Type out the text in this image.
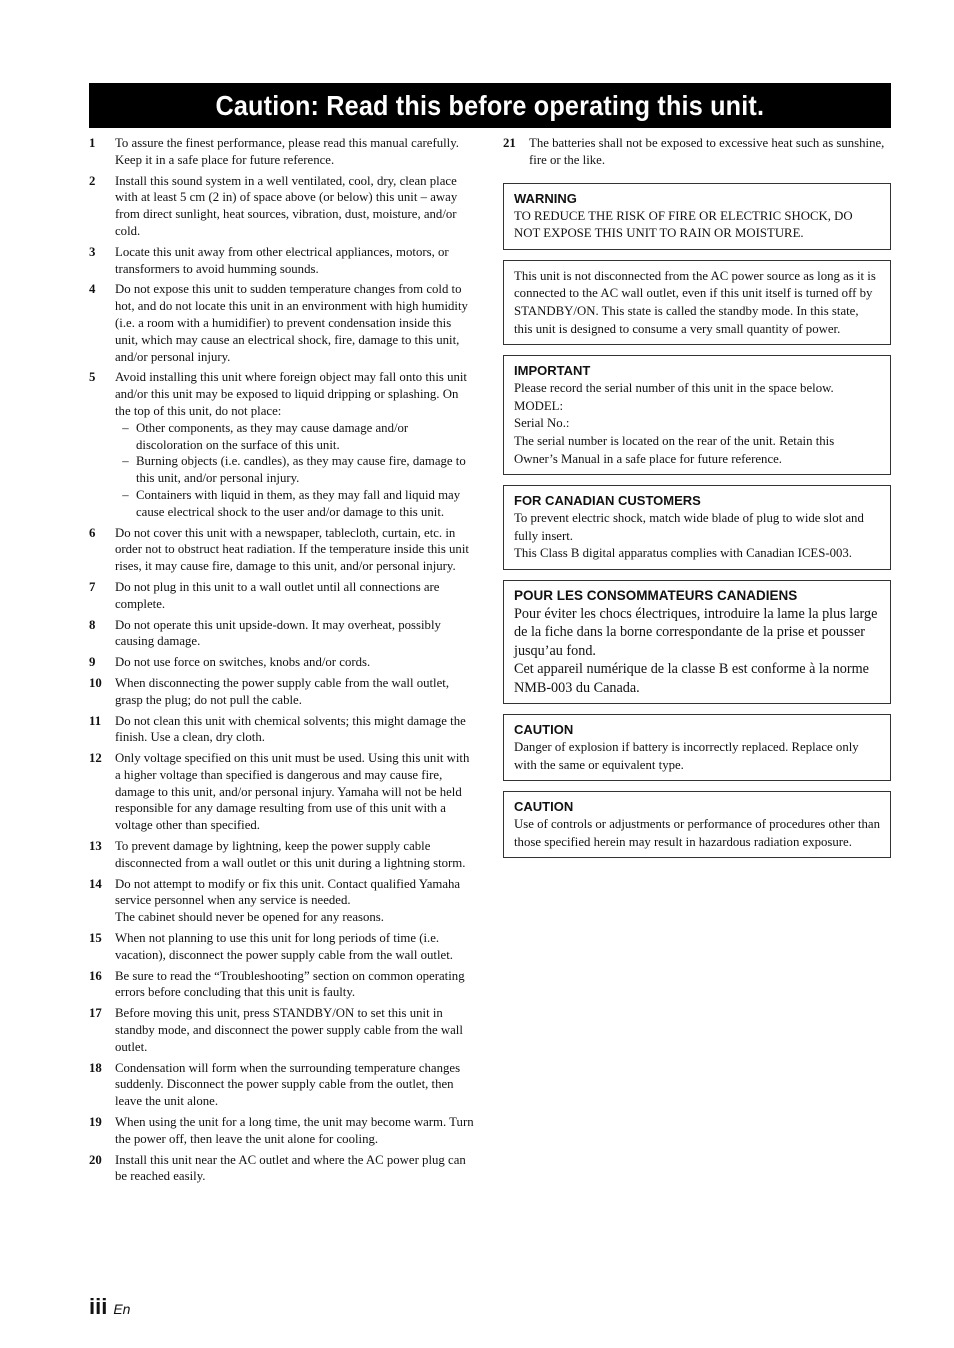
Caution: Read this before operating this unit.
1	To assure the finest performance, please read this manual carefully. Keep it in a safe place for future reference.

2	Install this sound system in a well ventilated, cool, dry, clean place with at least 5 cm (2 in) of space above (or below) this unit – away from direct sunlight, heat sources, vibration, dust, moisture, and/or cold.

3	Locate this unit away from other electrical appliances, motors, or transformers to avoid humming sounds.

4	Do not expose this unit to sudden temperature changes from cold to hot, and do not locate this unit in an environment with high humidity (i.e. a room with a humidifier) to prevent condensation inside this unit, which may cause an electrical shock, fire, damage to this unit, and/or personal injury.

5	Avoid installing this unit where foreign object may fall onto this unit and/or this unit may be exposed to liquid dripping or splashing. On the top of this unit, do not place:

– Other components, as they may cause damage and/or discoloration on the surface of this unit.
– Burning objects (i.e. candles), as they may cause fire, damage to this unit, and/or personal injury.
– Containers with liquid in them, as they may fall and liquid may cause electrical shock to the user and/or damage to this unit.
6	Do not cover this unit with a newspaper, tablecloth, curtain, etc. in order not to obstruct heat radiation. If the temperature inside this unit rises, it may cause fire, damage to this unit, and/or personal injury.

7	Do not plug in this unit to a wall outlet until all connections are complete.

8	Do not operate this unit upside-down. It may overheat, possibly causing damage.

9	Do not use force on switches, knobs and/or cords.

10	When disconnecting the power supply cable from the wall outlet, grasp the plug; do not pull the cable.

11	Do not clean this unit with chemical solvents; this might damage the finish. Use a clean, dry cloth.

12	Only voltage specified on this unit must be used. Using this unit with a higher voltage than specified is dangerous and may cause fire, damage to this unit, and/or personal injury. Yamaha will not be held responsible for any damage resulting from use of this unit with a voltage other than specified.

13	To prevent damage by lightning, keep the power supply cable disconnected from a wall outlet or this unit during a lightning storm.

14	Do not attempt to modify or fix this unit. Contact qualified Yamaha service personnel when any service is needed.

The cabinet should never be opened for any reasons.

15	When not planning to use this unit for long periods of time (i.e. vacation), disconnect the power supply cable from the wall outlet.

16	Be sure to read the “Troubleshooting” section on common operating errors before concluding that this unit is faulty.

17	Before moving this unit, press STANDBY/ON to set this unit in standby mode, and disconnect the power supply cable from the wall outlet.

18	Condensation will form when the surrounding temperature changes suddenly. Disconnect the power supply cable from the outlet, then leave the unit alone.

19	When using the unit for a long time, the unit may become warm. Turn the power off, then leave the unit alone for cooling.

20	Install this unit near the AC outlet and where the AC power plug can be reached easily.

21	The batteries shall not be exposed to excessive heat such as sunshine, fire or the like.

WARNING

TO REDUCE THE RISK OF FIRE OR ELECTRIC SHOCK, DO NOT EXPOSE THIS UNIT TO RAIN OR MOISTURE.

This unit is not disconnected from the AC power source as long as it is connected to the AC wall outlet, even if this unit itself is turned off by STANDBY/ON. This state is called the standby mode. In this state, this unit is designed to consume a very small quantity of power.

IMPORTANT

Please record the serial number of this unit in the space below.

MODEL:

Serial No.:

The serial number is located on the rear of the unit. Retain this Owner’s Manual in a safe place for future reference.

FOR CANADIAN CUSTOMERS

To prevent electric shock, match wide blade of plug to wide slot and fully insert.

This Class B digital apparatus complies with Canadian ICES-003.

POUR LES CONSOMMATEURS CANADIENS

Pour éviter les chocs électriques, introduire la lame la plus large de la fiche dans la borne correspondante de la prise et pousser jusqu’au fond.

Cet appareil numérique de la classe B est conforme à la norme NMB-003 du Canada.

CAUTION

Danger of explosion if battery is incorrectly replaced. Replace only with the same or equivalent type.

CAUTION

Use of controls or adjustments or performance of procedures other than those specified herein may result in hazardous radiation exposure.

iii En
